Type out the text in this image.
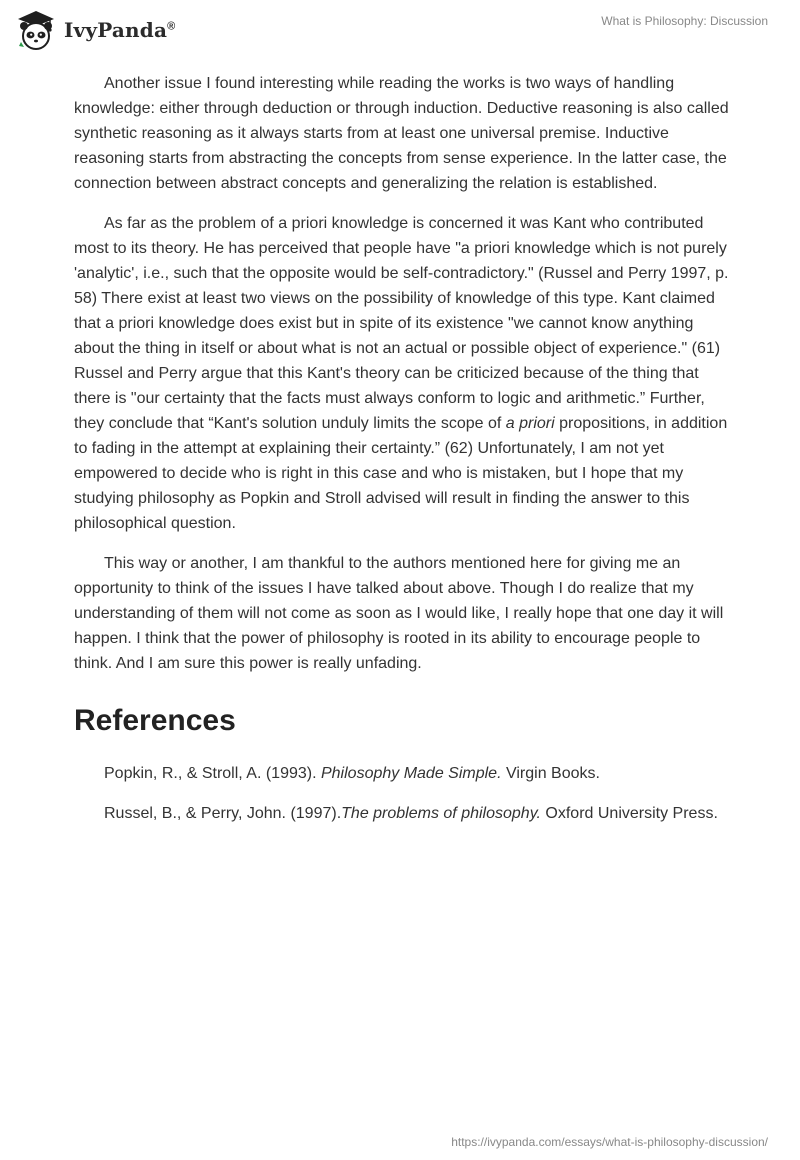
IvyPanda®	What is Philosophy: Discussion

Another issue I found interesting while reading the works is two ways of handling knowledge: either through deduction or through induction. Deductive reasoning is also called synthetic reasoning as it always starts from at least one universal premise. Inductive reasoning starts from abstracting the concepts from sense experience. In the latter case, the connection between abstract concepts and generalizing the relation is established.

As far as the problem of a priori knowledge is concerned it was Kant who contributed most to its theory. He has perceived that people have "a priori knowledge which is not purely 'analytic', i.e., such that the opposite would be self-contradictory." (Russel and Perry 1997, p. 58) There exist at least two views on the possibility of knowledge of this type. Kant claimed that a priori knowledge does exist but in spite of its existence "we cannot know anything about the thing in itself or about what is not an actual or possible object of experience." (61) Russel and Perry argue that this Kant's theory can be criticized because of the thing that there is "our certainty that the facts must always conform to logic and arithmetic.” Further, they conclude that “Kant's solution unduly limits the scope of a priori propositions, in addition to fading in the attempt at explaining their certainty.” (62) Unfortunately, I am not yet empowered to decide who is right in this case and who is mistaken, but I hope that my studying philosophy as Popkin and Stroll advised will result in finding the answer to this philosophical question.

This way or another, I am thankful to the authors mentioned here for giving me an opportunity to think of the issues I have talked about above. Though I do realize that my understanding of them will not come as soon as I would like, I really hope that one day it will happen. I think that the power of philosophy is rooted in its ability to encourage people to think. And I am sure this power is really unfading.

References
Popkin, R., & Stroll, A. (1993). Philosophy Made Simple. Virgin Books.
Russel, B., & Perry, John. (1997).The problems of philosophy. Oxford University Press.
https://ivypanda.com/essays/what-is-philosophy-discussion/
